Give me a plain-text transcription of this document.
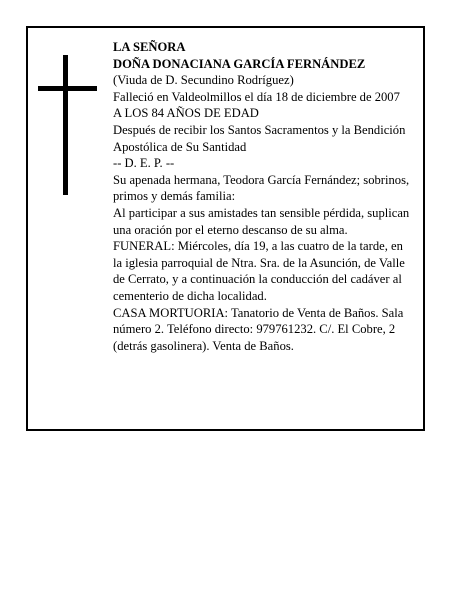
LA SEÑORA
DOÑA DONACIANA GARCÍA FERNÁNDEZ
(Viuda de D. Secundino Rodríguez)
Falleció en Valdeolmillos el día 18 de diciembre de 2007
A LOS 84 AÑOS DE EDAD
Después de recibir los Santos Sacramentos y la Bendición Apostólica de Su Santidad
-- D. E. P. --
Su apenada hermana, Teodora García Fernández; sobrinos, primos y demás familia:
Al participar a sus amistades tan sensible pérdida, suplican una oración por el eterno descanso de su alma.
FUNERAL: Miércoles, día 19, a las cuatro de la tarde, en la iglesia parroquial de Ntra. Sra. de la Asunción, de Valle de Cerrato, y a continuación la conducción del cadáver al cementerio de dicha localidad.
CASA MORTUORIA: Tanatorio de Venta de Baños. Sala número 2. Teléfono directo: 979761232. C/. El Cobre, 2 (detrás gasolinera). Venta de Baños.
